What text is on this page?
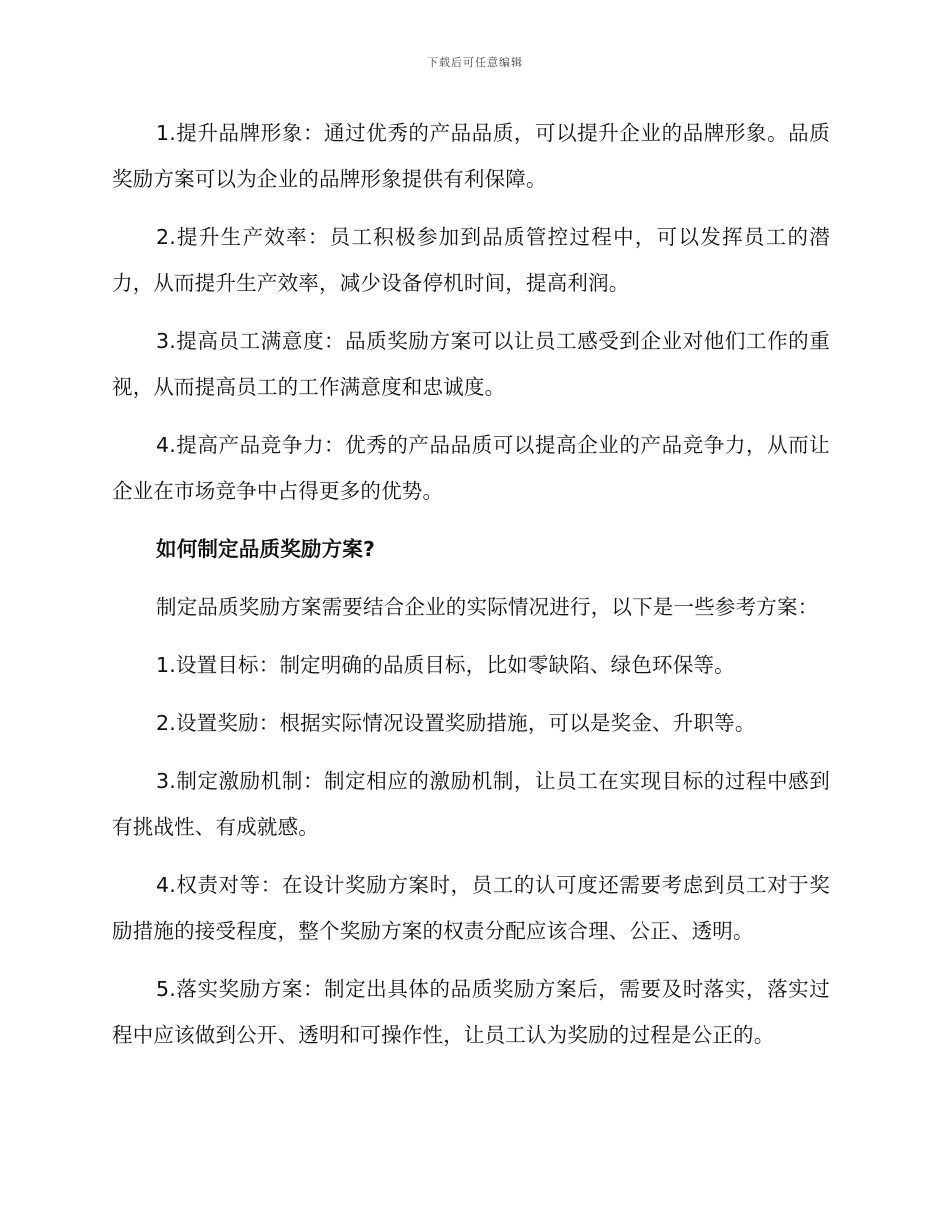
下载后可任意编辑

1.提升品牌形象：通过优秀的产品品质，可以提升企业的品牌形象。品质奖励方案可以为企业的品牌形象提供有利保障。

2.提升生产效率：员工积极参加到品质管控过程中，可以发挥员工的潜力，从而提升生产效率，减少设备停机时间，提高利润。

3.提高员工满意度：品质奖励方案可以让员工感受到企业对他们工作的重视，从而提高员工的工作满意度和忠诚度。

4.提高产品竞争力：优秀的产品品质可以提高企业的产品竞争力，从而让企业在市场竞争中占得更多的优势。

如何制定品质奖励方案?

制定品质奖励方案需要结合企业的实际情况进行，以下是一些参考方案：

1.设置目标：制定明确的品质目标，比如零缺陷、绿色环保等。

2.设置奖励：根据实际情况设置奖励措施，可以是奖金、升职等。

3.制定激励机制：制定相应的激励机制，让员工在实现目标的过程中感到有挑战性、有成就感。

4.权责对等：在设计奖励方案时，员工的认可度还需要考虑到员工对于奖励措施的接受程度，整个奖励方案的权责分配应该合理、公正、透明。

5.落实奖励方案：制定出具体的品质奖励方案后，需要及时落实，落实过程中应该做到公开、透明和可操作性，让员工认为奖励的过程是公正的。
